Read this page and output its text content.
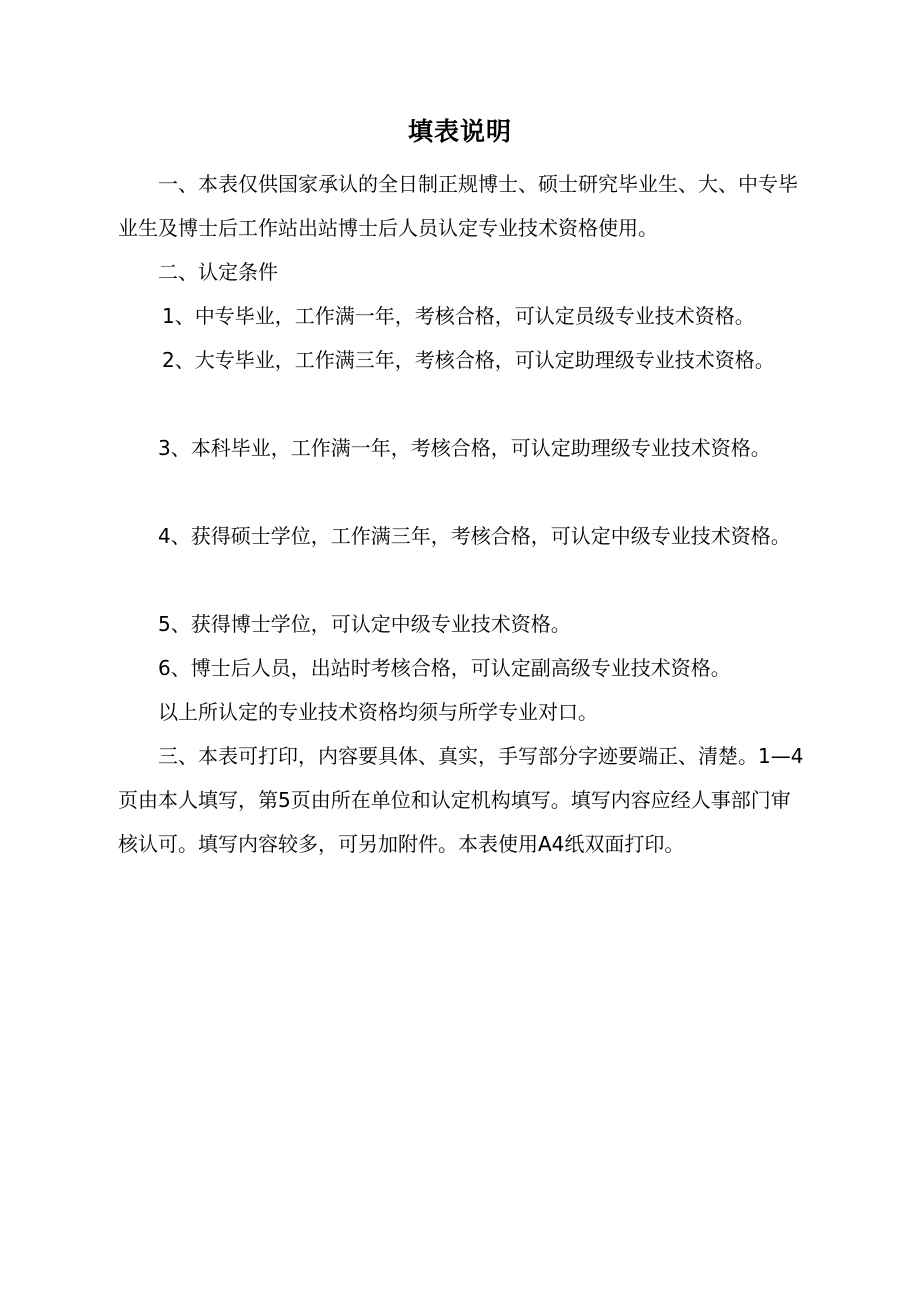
填表说明

一、本表仅供国家承认的全日制正规博士、硕士研究毕业生、大、中专毕业生及博士后工作站出站博士后人员认定专业技术资格使用。

二、认定条件

1、中专毕业，工作满一年，考核合格，可认定员级专业技术资格。

2、大专毕业，工作满三年，考核合格，可认定助理级专业技术资格。

3、本科毕业，工作满一年，考核合格，可认定助理级专业技术资格。

4、获得硕士学位，工作满三年，考核合格，可认定中级专业技术资格。

5、获得博士学位，可认定中级专业技术资格。

6、博士后人员，出站时考核合格，可认定副高级专业技术资格。

以上所认定的专业技术资格均须与所学专业对口。

三、本表可打印，内容要具体、真实，手写部分字迹要端正、清楚。1—4页由本人填写，第5页由所在单位和认定机构填写。填写内容应经人事部门审核认可。填写内容较多，可另加附件。本表使用A4纸双面打印。
